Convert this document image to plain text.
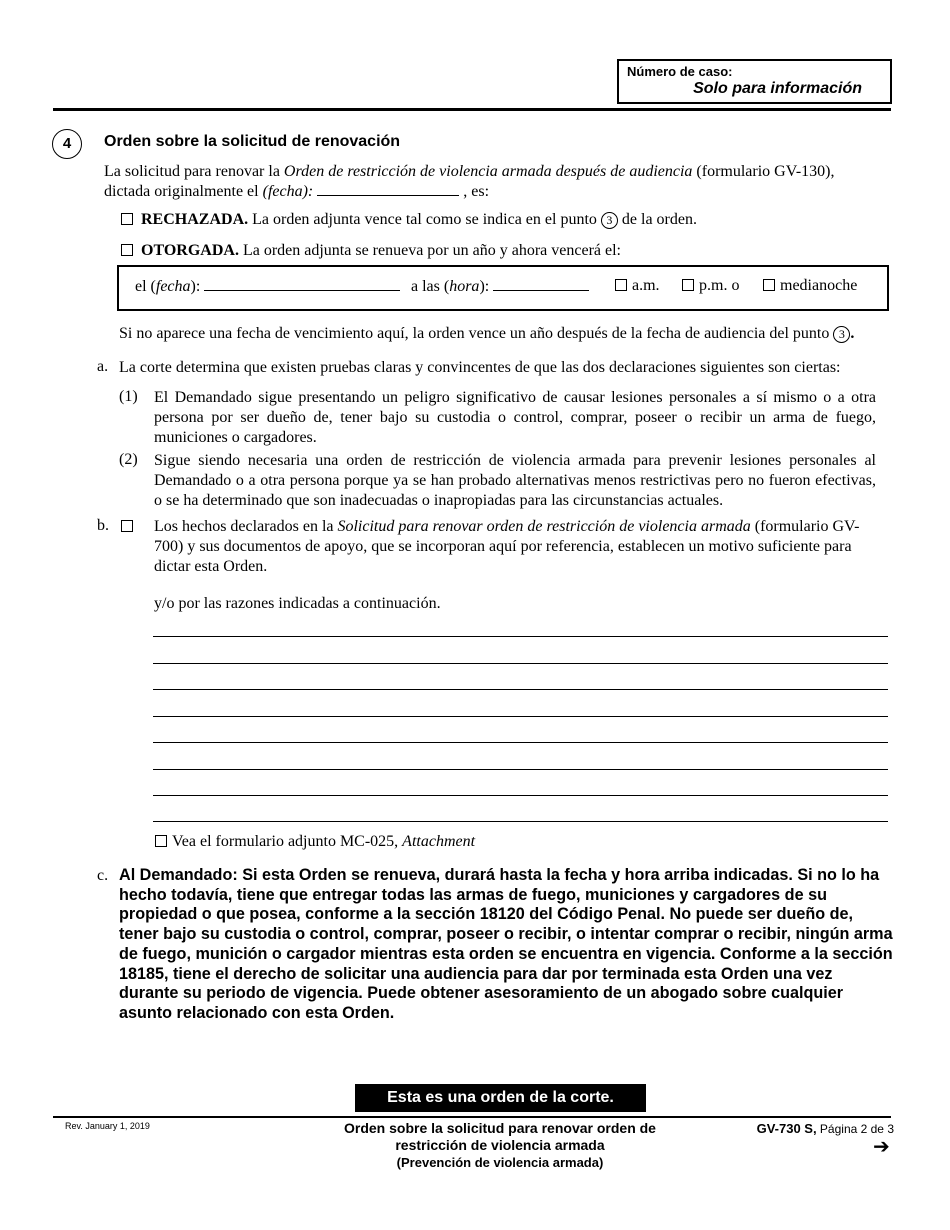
Número de caso:
Solo para información
4	Orden sobre la solicitud de renovación
La solicitud para renovar la Orden de restricción de violencia armada después de audiencia (formulario GV-130),
dictada originalmente el (fecha):	, es:
RECHAZADA. La orden adjunta vence tal como se indica en el punto 3 de la orden.
OTORGADA. La orden adjunta se renueva por un año y ahora vencerá el:
el (fecha):	a las (hora):	a.m.	p.m. o	medianoche
Si no aparece una fecha de vencimiento aquí, la orden vence un año después de la fecha de audiencia del punto 3 .
a. La corte determina que existen pruebas claras y convincentes de que las dos declaraciones siguientes son ciertas:
(1) El Demandado sigue presentando un peligro significativo de causar lesiones personales a sí mismo o a otra persona por ser dueño de, tener bajo su custodia o control, comprar, poseer o recibir un arma de fuego, municiones o cargadores.
(2) Sigue siendo necesaria una orden de restricción de violencia armada para prevenir lesiones personales al Demandado o a otra persona porque ya se han probado alternativas menos restrictivas pero no fueron efectivas, o se ha determinado que son inadecuadas o inapropiadas para las circunstancias actuales.
b.	Los hechos declarados en la Solicitud para renovar orden de restricción de violencia armada (formulario GV-700) y sus documentos de apoyo, que se incorporan aquí por referencia, establecen un motivo suficiente para dictar esta Orden.
y/o por las razones indicadas a continuación.
Vea el formulario adjunto MC-025, Attachment
c. Al Demandado: Si esta Orden se renueva, durará hasta la fecha y hora arriba indicadas. Si no lo ha hecho todavía, tiene que entregar todas las armas de fuego, municiones y cargadores de su propiedad o que posea, conforme a la sección 18120 del Código Penal. No puede ser dueño de, tener bajo su custodia o control, comprar, poseer o recibir, o intentar comprar o recibir, ningún arma de fuego, munición o cargador mientras esta orden se encuentra en vigencia. Conforme a la sección 18185, tiene el derecho de solicitar una audiencia para dar por terminada esta Orden una vez durante su periodo de vigencia. Puede obtener asesoramiento de un abogado sobre cualquier asunto relacionado con esta Orden.
Esta es una orden de la corte.
Rev. January 1, 2019	Orden sobre la solicitud para renovar orden de
restricción de violencia armada
(Prevención de violencia armada)
GV-730 S, Página 2 de 3
➔
